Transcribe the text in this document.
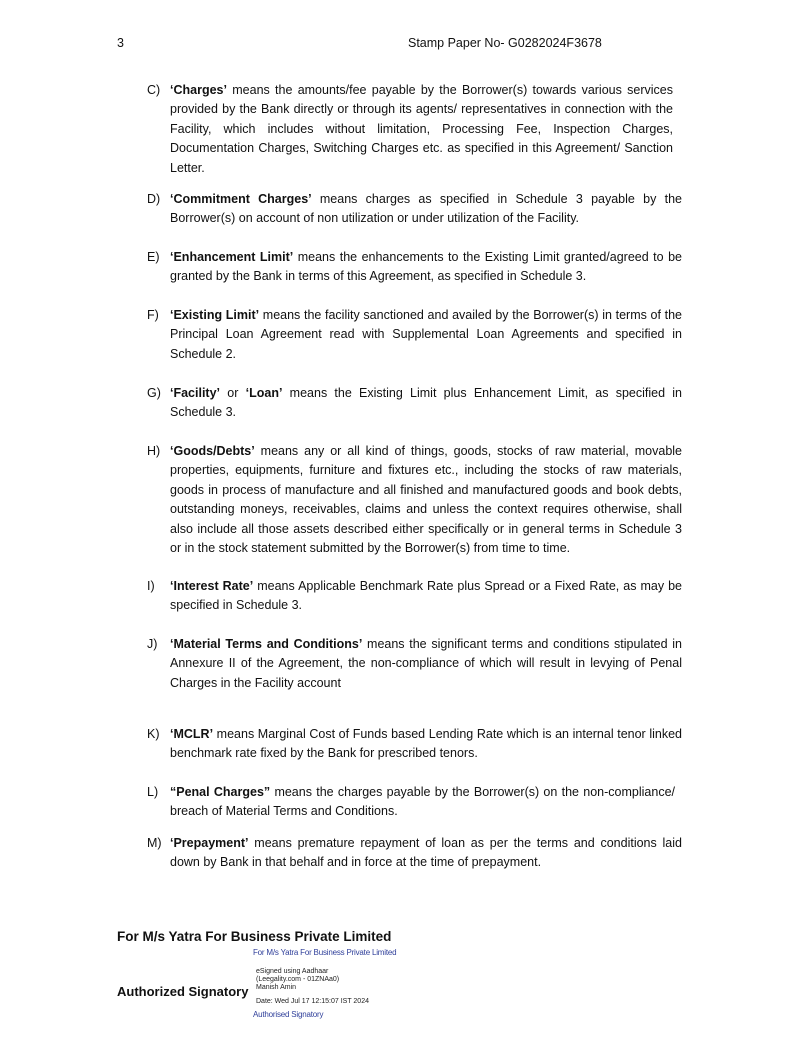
3	Stamp Paper No- G0282024F3678
C) ‘Charges’ means the amounts/fee payable by the Borrower(s) towards various services provided by the Bank directly or through its agents/ representatives in connection with the Facility, which includes without limitation, Processing Fee, Inspection Charges, Documentation Charges, Switching Charges etc. as specified in this Agreement/ Sanction Letter.
D) ‘Commitment Charges’ means charges as specified in Schedule 3 payable by the Borrower(s) on account of non utilization or under utilization of the Facility.
E) ‘Enhancement Limit’ means the enhancements to the Existing Limit granted/agreed to be granted by the Bank in terms of this Agreement, as specified in Schedule 3.
F) ‘Existing Limit’ means the facility sanctioned and availed by the Borrower(s) in terms of the Principal Loan Agreement read with Supplemental Loan Agreements and specified in Schedule 2.
G) ‘Facility’ or ‘Loan’ means the Existing Limit plus Enhancement Limit, as specified in Schedule 3.
H) ‘Goods/Debts’ means any or all kind of things, goods, stocks of raw material, movable properties, equipments, furniture and fixtures etc., including the stocks of raw materials, goods in process of manufacture and all finished and manufactured goods and book debts, outstanding moneys, receivables, claims and unless the context requires otherwise, shall also include all those assets described either specifically or in general terms in Schedule 3 or in the stock statement submitted by the Borrower(s) from time to time.
I) ‘Interest Rate’ means Applicable Benchmark Rate plus Spread or a Fixed Rate, as may be specified in Schedule 3.
J) ‘Material Terms and Conditions’ means the significant terms and conditions stipulated in Annexure II of the Agreement, the non-compliance of which will result in levying of Penal Charges in the Facility account
K) ‘MCLR’ means Marginal Cost of Funds based Lending Rate which is an internal tenor linked benchmark rate fixed by the Bank for prescribed tenors.
L) “Penal Charges” means the charges payable by the Borrower(s) on the non-compliance/ breach of Material Terms and Conditions.
M) ‘Prepayment’ means premature repayment of loan as per the terms and conditions laid down by Bank in that behalf and in force at the time of prepayment.
For M/s Yatra For Business Private Limited
For M/s Yatra For Business Private Limited
eSigned using Aadhaar
(Leegality.com - 01ZNAa0)
Manish Amin
Date: Wed Jul 17 12:15:07 IST 2024
Authorized Signatory
Authorised Signatory
